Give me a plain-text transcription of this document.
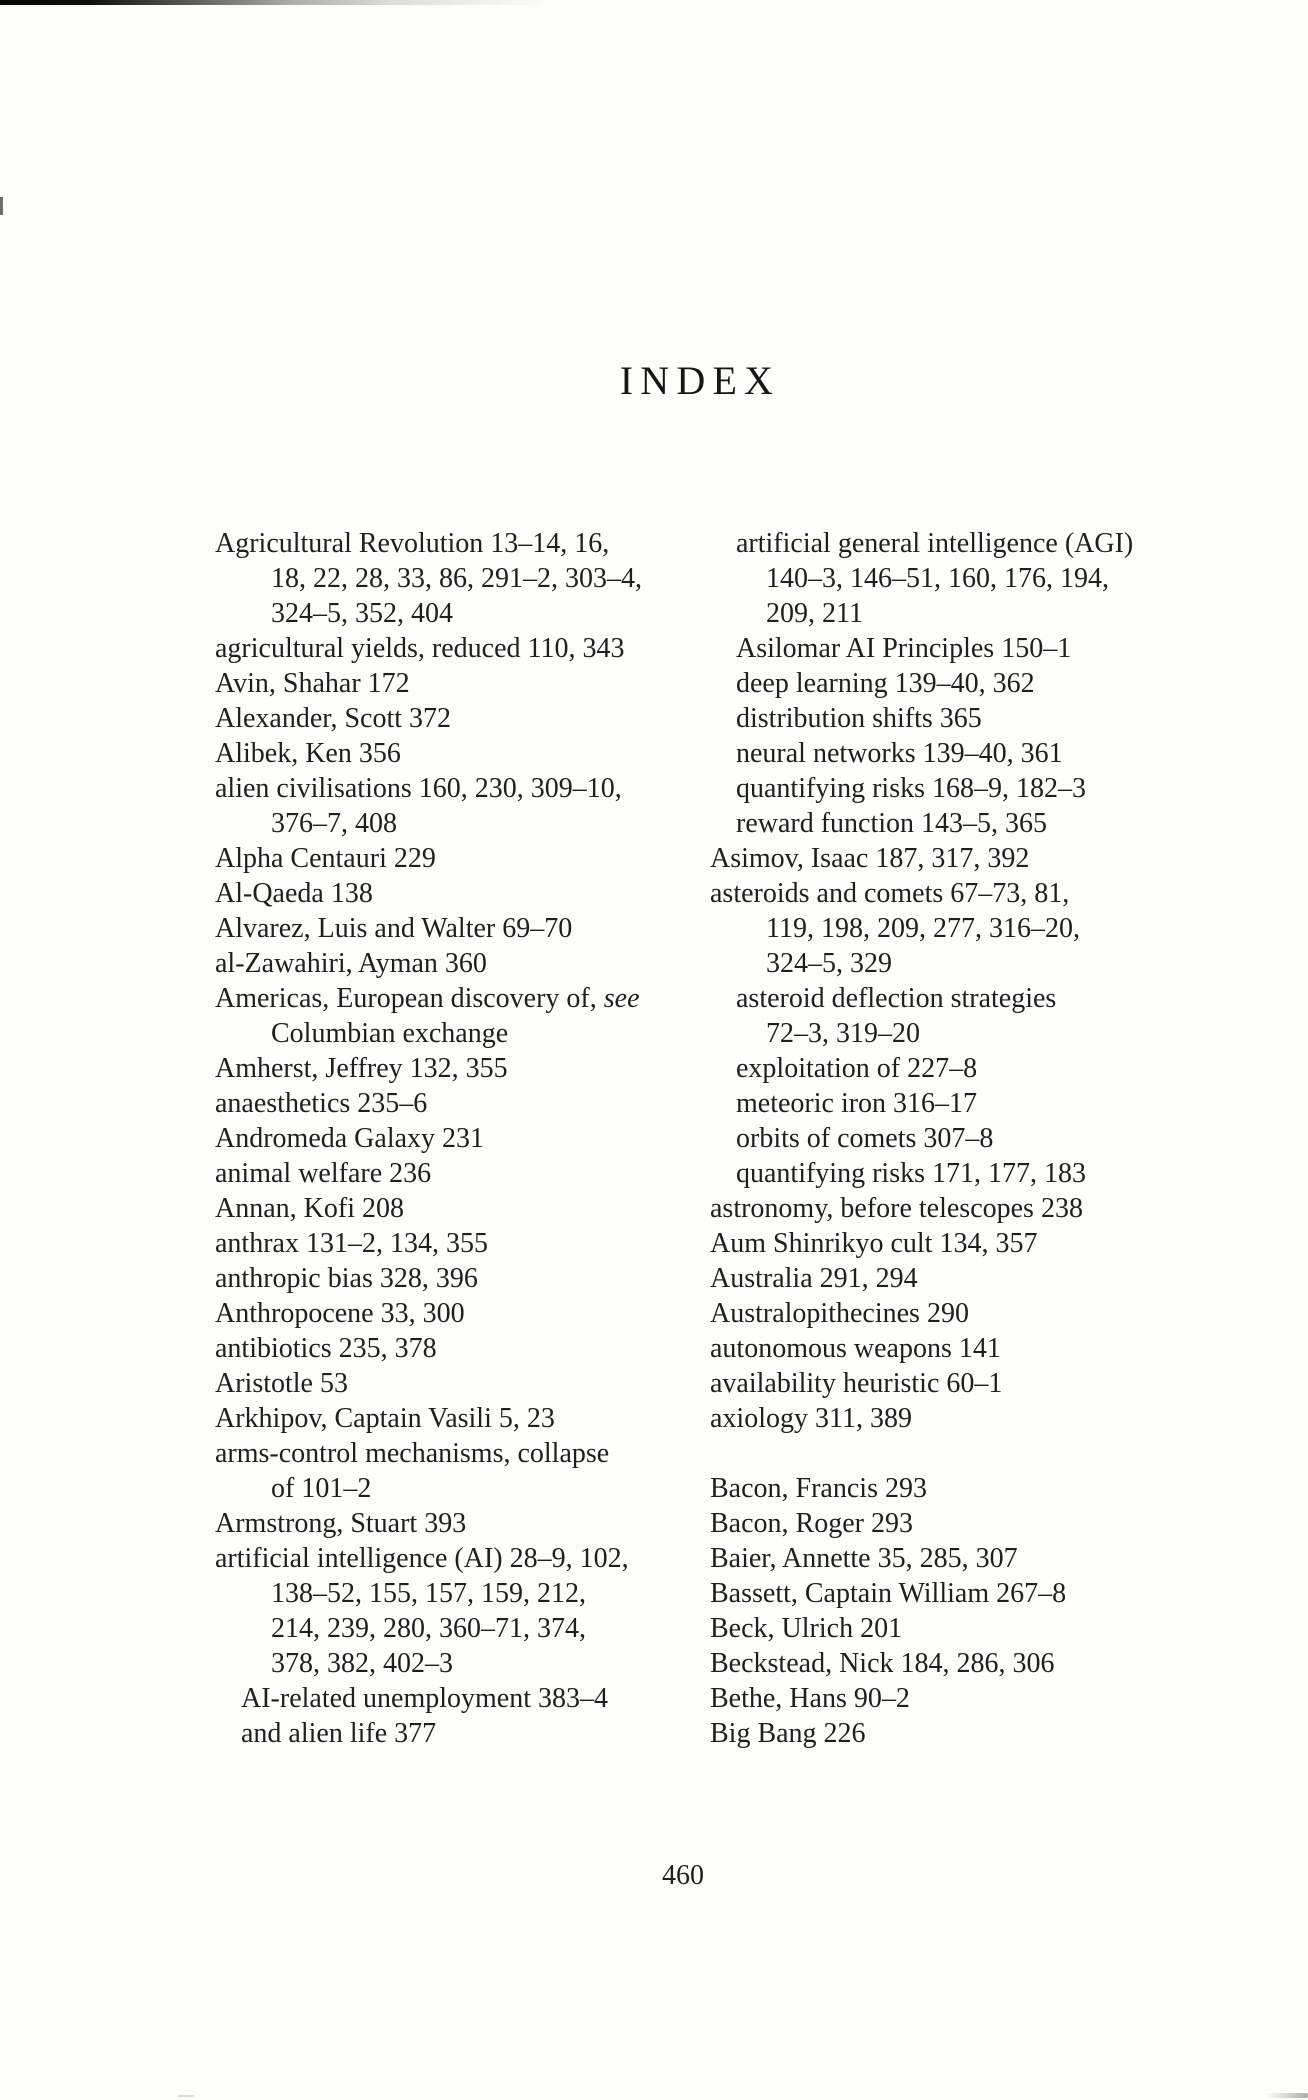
INDEX
Agricultural Revolution 13–14, 16,
18, 22, 28, 33, 86, 291–2, 303–4,
324–5, 352, 404
agricultural yields, reduced 110, 343
Avin, Shahar 172
Alexander, Scott 372
Alibek, Ken 356
alien civilisations 160, 230, 309–10,
376–7, 408
Alpha Centauri 229
Al-Qaeda 138
Alvarez, Luis and Walter 69–70
al-Zawahiri, Ayman 360
Americas, European discovery of, see
Columbian exchange
Amherst, Jeffrey 132, 355
anaesthetics 235–6
Andromeda Galaxy 231
animal welfare 236
Annan, Kofi 208
anthrax 131–2, 134, 355
anthropic bias 328, 396
Anthropocene 33, 300
antibiotics 235, 378
Aristotle 53
Arkhipov, Captain Vasili 5, 23
arms-control mechanisms, collapse
of 101–2
Armstrong, Stuart 393
artificial intelligence (AI) 28–9, 102,
138–52, 155, 157, 159, 212,
214, 239, 280, 360–71, 374,
378, 382, 402–3
AI-related unemployment 383–4
and alien life 377
artificial general intelligence (AGI)
140–3, 146–51, 160, 176, 194,
209, 211
Asilomar AI Principles 150–1
deep learning 139–40, 362
distribution shifts 365
neural networks 139–40, 361
quantifying risks 168–9, 182–3
reward function 143–5, 365
Asimov, Isaac 187, 317, 392
asteroids and comets 67–73, 81,
119, 198, 209, 277, 316–20,
324–5, 329
asteroid deflection strategies
72–3, 319–20
exploitation of 227–8
meteoric iron 316–17
orbits of comets 307–8
quantifying risks 171, 177, 183
astronomy, before telescopes 238
Aum Shinrikyo cult 134, 357
Australia 291, 294
Australopithecines 290
autonomous weapons 141
availability heuristic 60–1
axiology 311, 389

Bacon, Francis 293
Bacon, Roger 293
Baier, Annette 35, 285, 307
Bassett, Captain William 267–8
Beck, Ulrich 201
Beckstead, Nick 184, 286, 306
Bethe, Hans 90–2
Big Bang 226
460
